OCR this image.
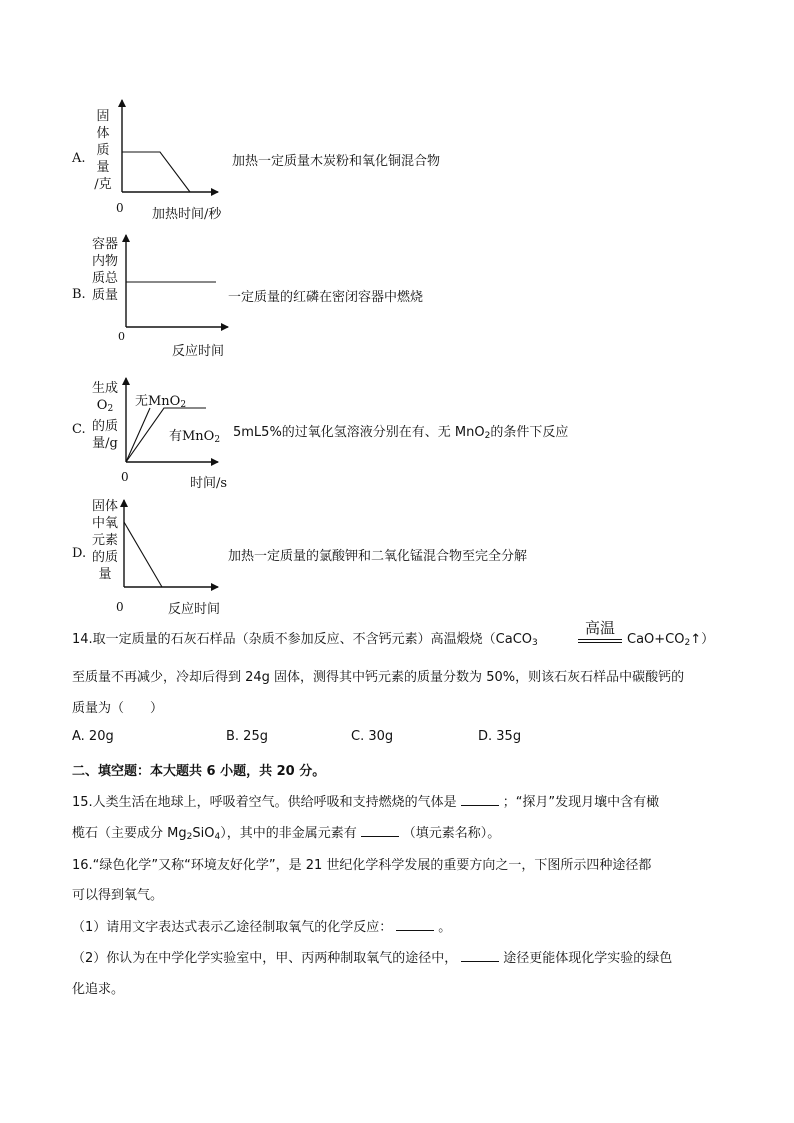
A.
固
体
质
量
/克
0 加热时间/秒
加热一定质量木炭粉和氧化铜混合物
B.
容器
内物
质总
质量
0
反应时间
一定质量的红磷在密闭容器中燃烧
C.
生成
$O_2$
的质
量/g
0	时间/s
无MnO$_2$
有MnO$_2$ 5mL5%的过氧化氢溶液分别在有、无 MnO$_2$的条件下反应
D.
固体
中氧
元素
的质
量
0	反应时间
加热一定质量的氯酸钾和二氧化锰混合物至完全分解
14.取一定质量的石灰石样品（杂质不参加反应、不含钙元素）高温煅烧（CaCO$_3$
高温
$CaO+CO_2↑$）
至质量不再减少，冷却后得到 24g 固体，测得其中钙元素的质量分数为 50%，则该石灰石样品中碳酸钙的
质量为（　　）
A. 20g	B. 25g	C. 30g	D. 35g
二、填空题：本大题共 6 小题，共 20 分。
15.人类生活在地球上，呼吸着空气。供给呼吸和支持燃烧的气体是	；“探月”发现月壤中含有橄
榄石（主要成分 $Mg_2SiO_4$），其中的非金属元素有	（填元素名称）。
16.“绿色化学”又称“环境友好化学”，是 21 世纪化学科学发展的重要方向之一，下图所示四种途径都
可以得到氧气。
（1）请用文字表达式表示乙途径制取氧气的化学反应：	。
（2）你认为在中学化学实验室中，甲、丙两种制取氧气的途径中，	途径更能体现化学实验的绿色
化追求。
